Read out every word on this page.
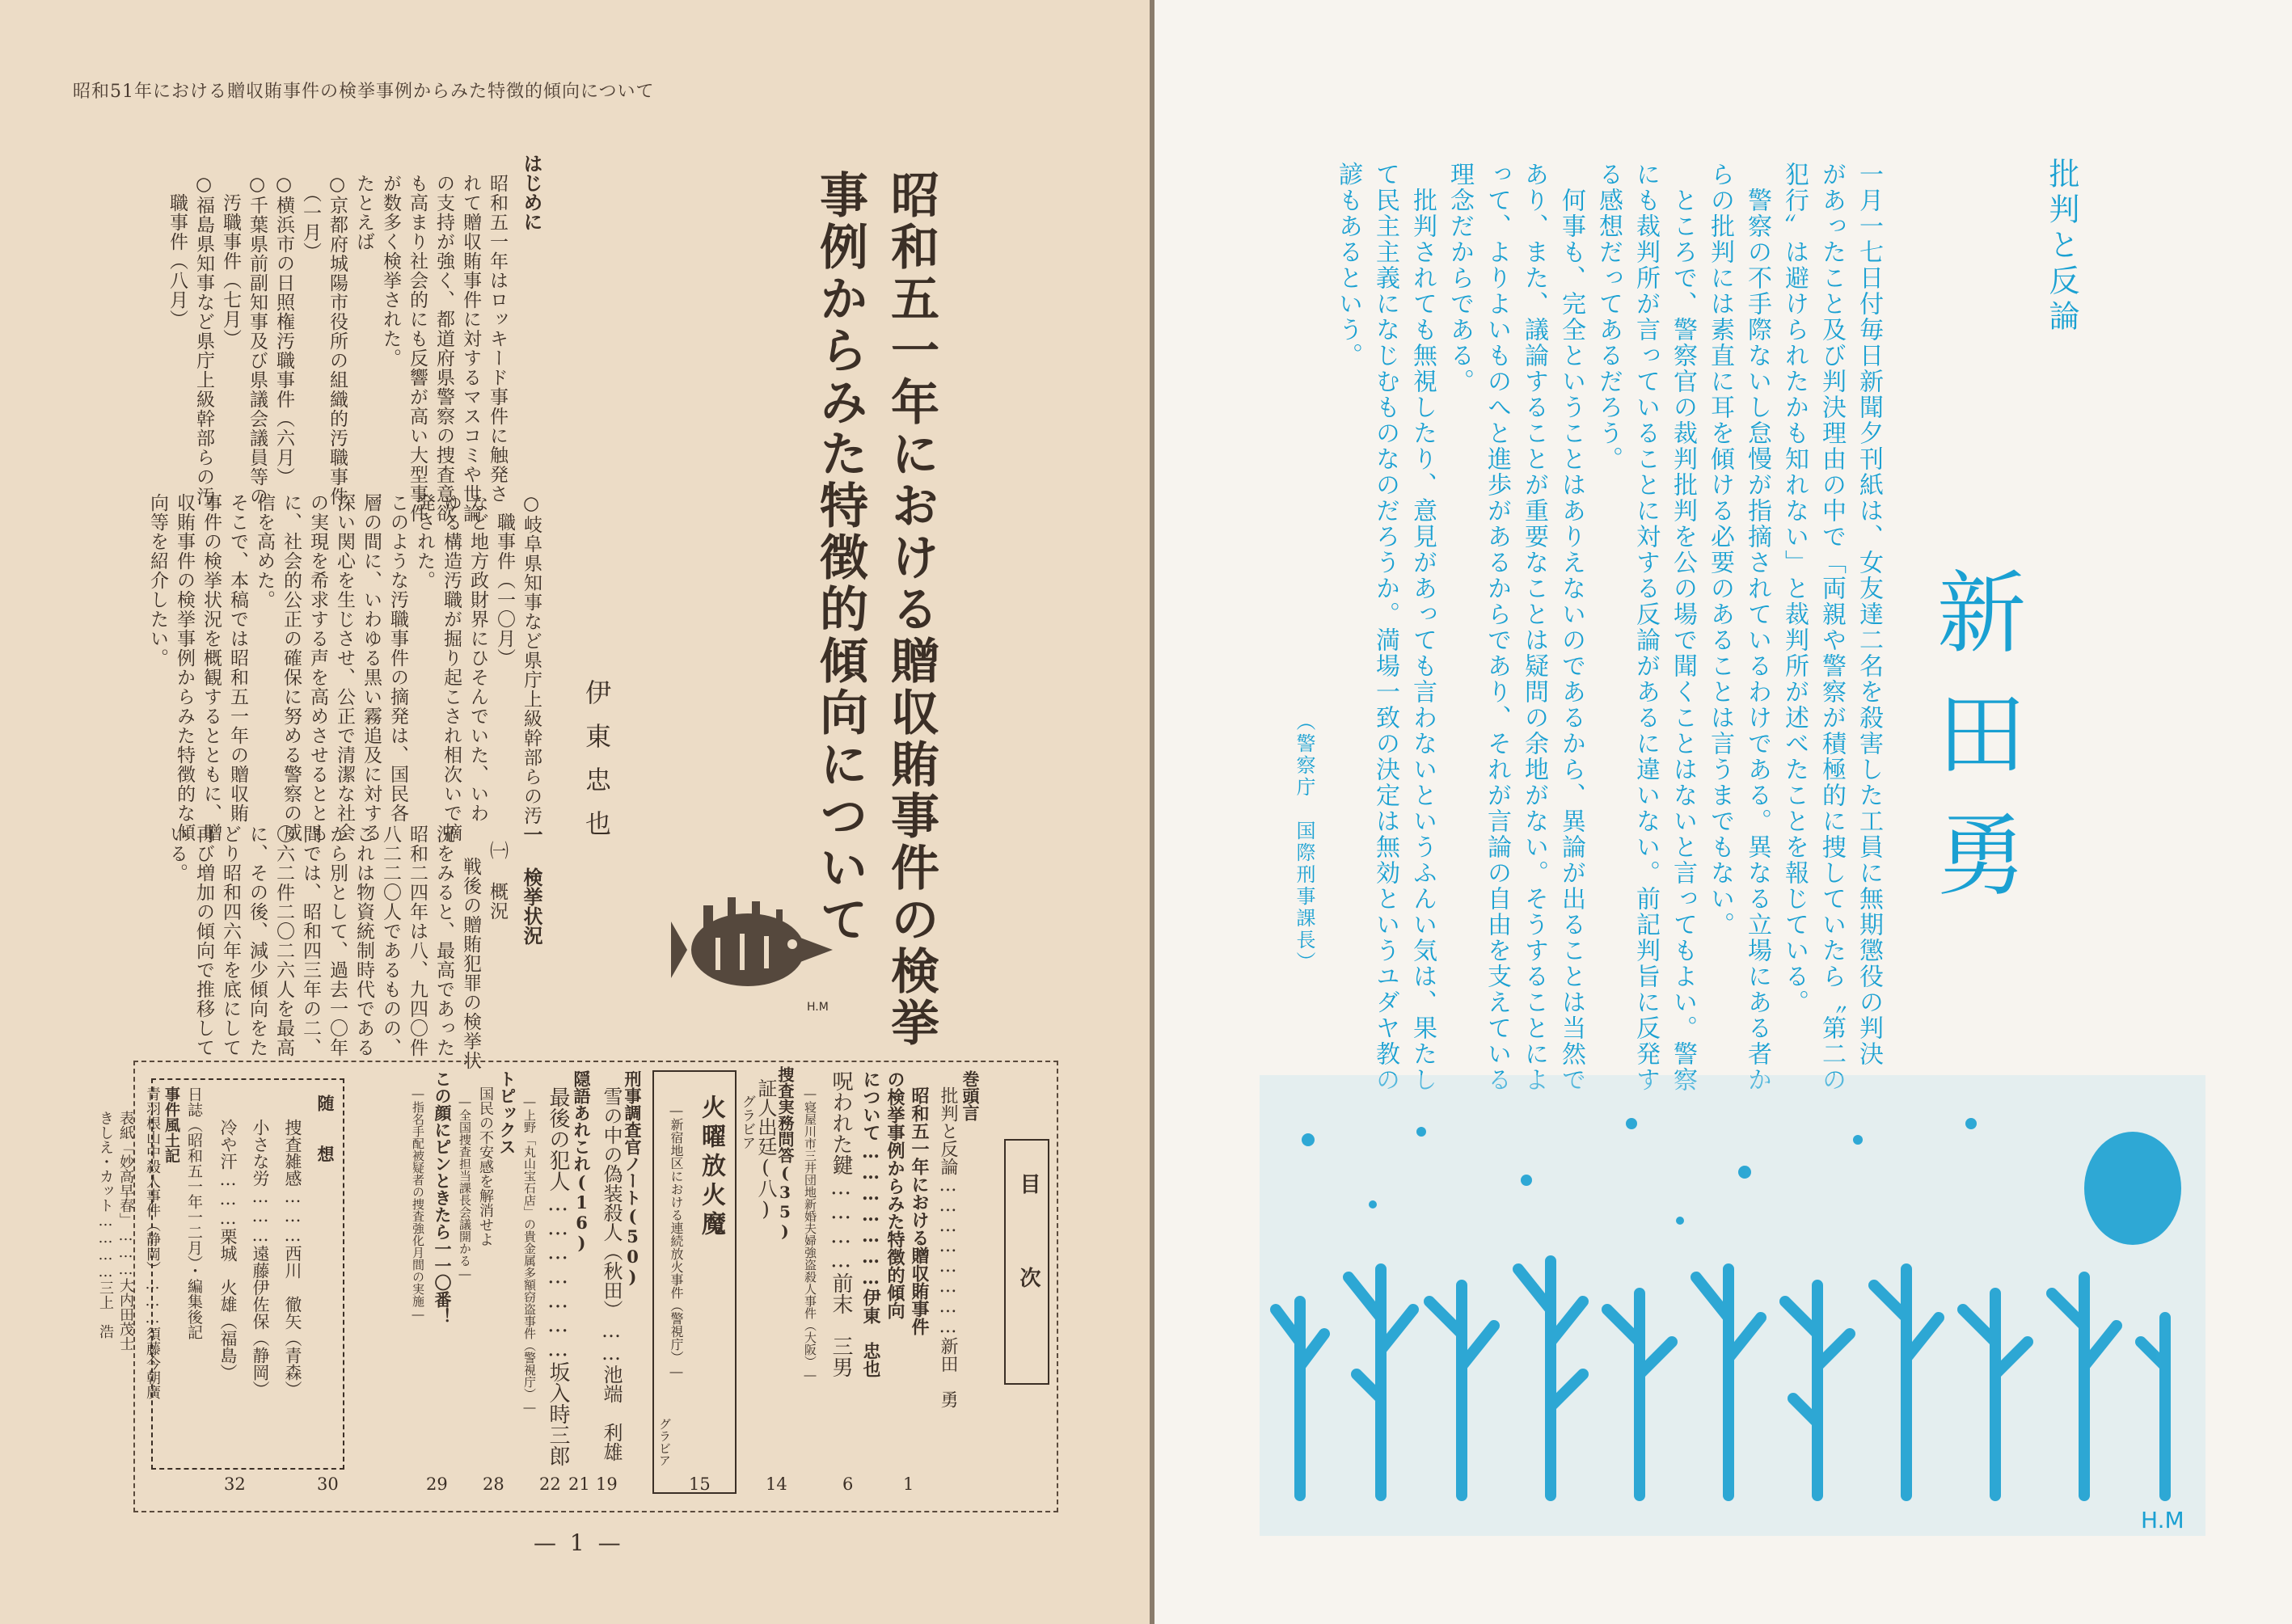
昭和51年における贈収賄事件の検挙事例からみた特徴的傾向について
昭和五一年における贈収賄事件の検挙
事例からみた特徴的傾向について
伊東忠也
H.M
はじめに
昭和五一年はロッキード事件に触発さ
れて贈収賄事件に対するマスコミや世論
の支持が強く、都道府県警察の捜査意欲
も高まり社会的にも反響が高い大型事件
が数多く検挙された。
たとえば
○京都府城陽市役所の組織的汚職事件
　（一月）
○横浜市の日照権汚職事件（六月）
○千葉県前副知事及び県議会議員等の
　汚職事件（七月）
○福島県知事など県庁上級幹部らの汚
　職事件（八月）
○岐阜県知事など県庁上級幹部らの汚
　職事件（一〇月）
など地方政財界にひそんでいた、いわ
ゆる構造汚職が掘り起こされ相次いで摘
発された。
このような汚職事件の摘発は、国民各
層の間に、いわゆる黒い霧追及に対する
深い関心を生じさせ、公正で清潔な社会
の実現を希求する声を高めさせるととも
に、社会的公正の確保に努める警察の威
信を高めた。
そこで、本稿では昭和五一年の贈収賄
事件の検挙状況を概観するとともに、贈
収賄事件の検挙事例からみた特徴的な傾
向等を紹介したい。
一 検挙状況
㈠ 概況
戦後の贈賄犯罪の検挙状
況をみると、最高であった
昭和二四年は八、九四〇件
八二二〇人であるものの、
これは物資統制時代である
から別として、過去一〇年
間では、昭和四三年の二、
〇六二件二〇二六人を最高
に、その後、減少傾向をた
どり昭和四六年を底にして
再び増加の傾向で推移して
いる。
目次
巻頭言
批判と反論……………………新田　勇
昭和五一年における贈収賄事件
の検挙事例からみた特徴的傾向
について…………………伊東　忠也
呪われた鍵…………前末　三男
―寝屋川市三井団地新婚夫婦強盗殺人事件（大阪）―
捜査実務問答(35)
証人出廷(八)
グラビア
火曜放火魔
―新宿地区における連続放火事件（警視庁）―
グラビア
刑事調査官ノート(50)
雪の中の偽装殺人（秋田）……池端　利雄
隠語あれこれ(16)
最後の犯人…………………坂入時三郎
―上野「丸山宝石店」の貴金属多額窃盗事件（警視庁）―
トピックス
国民の不安感を解消せよ
―全国捜査担当課長会議開かる―
この顔にピンときたら一一〇番！
―指名手配被疑者の捜査強化月間の実施―
随　　想
捜査雑感………西川　徹矢（青森）
小さな労………遠藤伊佐保（静岡）
冷や汗………栗城　火雄（福島）
日誌（昭和五一年一二月）・編集後記
事件風土記
青羽根山中殺人事件（静岡）………須藤今朝廣
表紙「妙高早春」………大内田茂士
きしえ・カット…………三上　浩
1
6
14
15
19
21
22
28
29
30
32
— 1 —
批判と反論
新田勇
一月一七日付毎日新聞夕刊紙は、女友達二名を殺害した工員に無期懲役の判決
があったこと及び判決理由の中で「両親や警察が積極的に捜していたら〝第二の
犯行〟は避けられたかも知れない」と裁判所が述べたことを報じている。
　警察の不手際ないし怠慢が指摘されているわけである。異なる立場にある者か
らの批判には素直に耳を傾ける必要のあることは言うまでもない。
　ところで、警察官の裁判批判を公の場で聞くことはないと言ってもよい。警察
にも裁判所が言っていることに対する反論があるに違いない。前記判旨に反発す
る感想だってあるだろう。
　何事も、完全ということはありえないのであるから、異論が出ることは当然で
あり、また、議論することが重要なことは疑問の余地がない。そうすることによ
って、よりよいものへと進歩があるからであり、それが言論の自由を支えている
理念だからである。
　批判されても無視したり、意見があっても言わないというふんい気は、果たし
て民主主義になじむものなのだろうか。満場一致の決定は無効というユダヤ教の
諺もあるという。
（警察庁　国際刑事課長）
H.M
